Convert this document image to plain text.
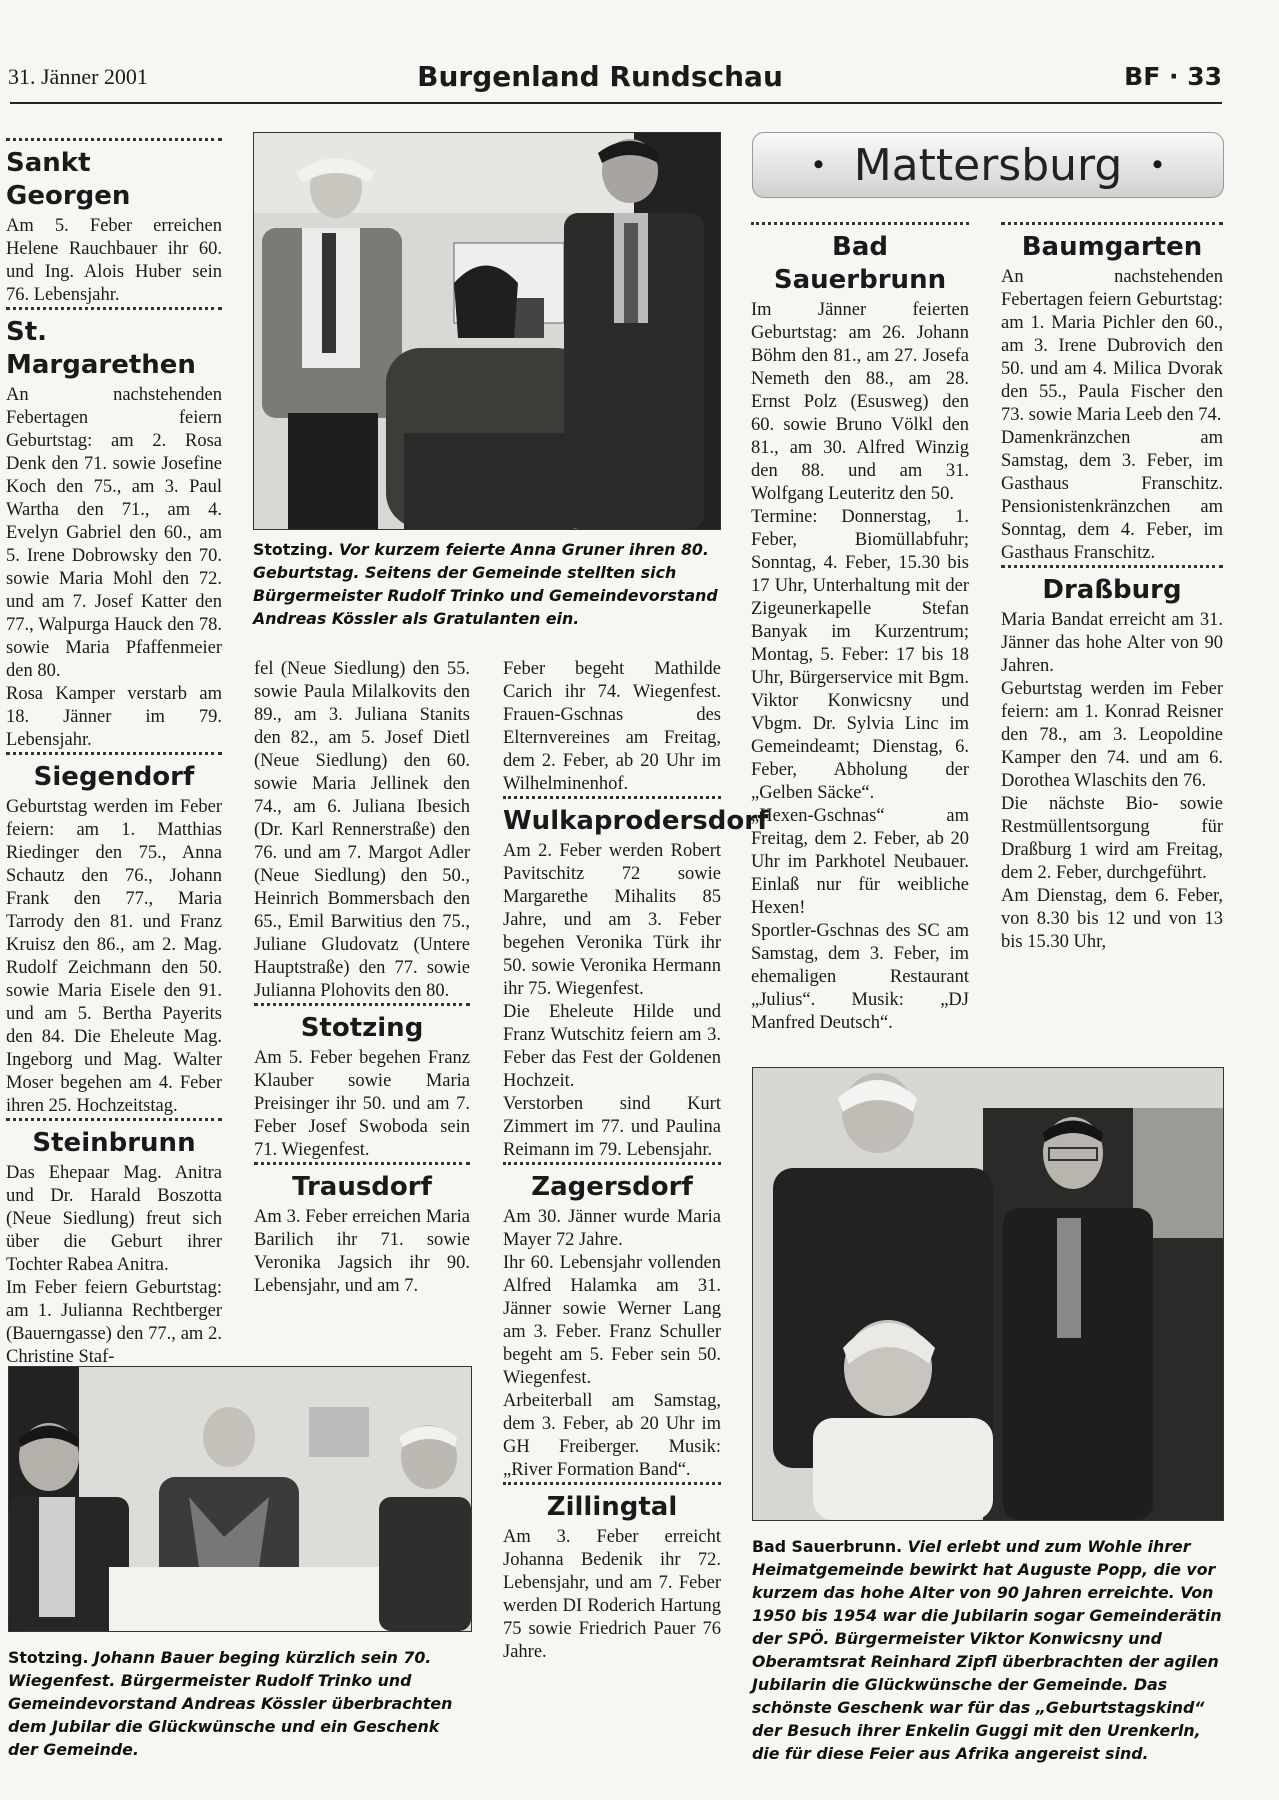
31. Jänner 2001	Burgenland Rundschau	BF · 33
Stotzing. Vor kurzem feierte Anna Gruner ihren 80. Geburtstag. Seitens der Gemeinde stellten sich Bürgermeister Rudolf Trinko und Gemeindevorstand Andreas Kössler als Gratulanten ein.
• Mattersburg	•
Sankt Georgen

Am 5. Feber erreichen Helene Rauchbauer ihr 60. und Ing. Alois Huber sein 76. Lebensjahr.

St. Margarethen

An nachstehenden Febertagen feiern Geburtstag: am 2. Rosa Denk den 71. sowie Josefine Koch den 75., am 3. Paul Wartha den 71., am 4. Evelyn Gabriel den 60., am 5. Irene Dobrowsky den 70. sowie Maria Mohl den 72. und am 7. Josef Katter den 77., Walpurga Hauck den 78. sowie Maria Pfaffenmeier den 80.

Rosa Kamper verstarb am 18. Jänner im 79. Lebensjahr.

Siegendorf

Geburtstag werden im Feber feiern: am 1. Matthias Riedinger den 75., Anna Schautz den 76., Johann Frank den 77., Maria Tarrody den 81. und Franz Kruisz den 86., am 2. Mag. Rudolf Zeichmann den 50. sowie Maria Eisele den 91. und am 5. Bertha Payerits den 84. Die Eheleute Mag. Ingeborg und Mag. Walter Moser begehen am 4. Feber ihren 25. Hochzeitstag.

Steinbrunn

Das Ehepaar Mag. Anitra und Dr. Harald Boszotta (Neue Siedlung) freut sich über die Geburt ihrer Tochter Rabea Anitra.

Im Feber feiern Geburtstag: am 1. Julianna Rechtberger (Bauerngasse) den 77., am 2. Christine Staf-

fel (Neue Siedlung) den 55. sowie Paula Milalkovits den 89., am 3. Juliana Stanits den 82., am 5. Josef Dietl (Neue Siedlung) den 60. sowie Maria Jellinek den 74., am 6. Juliana Ibesich (Dr. Karl Rennerstraße) den 76. und am 7. Margot Adler (Neue Siedlung) den 50., Heinrich Bommersbach den 65., Emil Barwitius den 75., Juliane Gludovatz (Untere Hauptstraße) den 77. sowie Julianna Plohovits den 80.

Stotzing

Am 5. Feber begehen Franz Klauber sowie Maria Preisinger ihr 50. und am 7. Feber Josef Swoboda sein 71. Wiegenfest.

Trausdorf

Am 3. Feber erreichen Maria Barilich ihr 71. sowie Veronika Jagsich ihr 90. Lebensjahr, und am 7.

Stotzing. Johann Bauer beging kürzlich sein 70. Wiegenfest. Bürgermeister Rudolf Trinko und Gemeindevorstand Andreas Kössler überbrachten dem Jubilar die Glückwünsche und ein Geschenk der Gemeinde.

Feber begeht Mathilde Carich ihr 74. Wiegenfest. Frauen-Gschnas des Elternvereines am Freitag, dem 2. Feber, ab 20 Uhr im Wilhelminenhof.

Wulkaprodersdorf

Am 2. Feber werden Robert Pavitschitz 72 sowie Margarethe Mihalits 85 Jahre, und am 3. Feber begehen Veronika Türk ihr 50. sowie Veronika Hermann ihr 75. Wiegenfest.

Die Eheleute Hilde und Franz Wutschitz feiern am 3. Feber das Fest der Goldenen Hochzeit.

Verstorben sind Kurt Zimmert im 77. und Paulina Reimann im 79. Lebensjahr.

Zagersdorf

Am 30. Jänner wurde Maria Mayer 72 Jahre.

Ihr 60. Lebensjahr vollenden Alfred Halamka am 31. Jänner sowie Werner Lang am 3. Feber. Franz Schuller begeht am 5. Feber sein 50. Wiegenfest.

Arbeiterball am Samstag, dem 3. Feber, ab 20 Uhr im GH Freiberger. Musik: „River Formation Band“.

Zillingtal

Am 3. Feber erreicht Johanna Bedenik ihr 72. Lebensjahr, und am 7. Feber werden DI Roderich Hartung 75 sowie Friedrich Pauer 76 Jahre.

Bad Sauerbrunn

Im Jänner feierten Geburtstag: am 26. Johann Böhm den 81., am 27. Josefa Nemeth den 88., am 28. Ernst Polz (Esusweg) den 60. sowie Bruno Völkl den 81., am 30. Alfred Winzig den 88. und am 31. Wolfgang Leuteritz den 50.

Termine: Donnerstag, 1. Feber, Biomüllabfuhr; Sonntag, 4. Feber, 15.30 bis 17 Uhr, Unterhaltung mit der Zigeunerkapelle Stefan Banyak im Kurzentrum; Montag, 5. Feber: 17 bis 18 Uhr, Bürgerservice mit Bgm. Viktor Konwicsny und Vbgm. Dr. Sylvia Linc im Gemeindeamt; Dienstag, 6. Feber, Abholung der „Gelben Säcke“.

„Hexen-Gschnas“ am Freitag, dem 2. Feber, ab 20 Uhr im Parkhotel Neubauer. Einlaß nur für weibliche Hexen!

Sportler-Gschnas des SC am Samstag, dem 3. Feber, im ehemaligen Restaurant „Julius“. Musik: „DJ Manfred Deutsch“.

Baumgarten

An nachstehenden Febertagen feiern Geburtstag: am 1. Maria Pichler den 60., am 3. Irene Dubrovich den 50. und am 4. Milica Dvorak den 55., Paula Fischer den 73. sowie Maria Leeb den 74.

Damenkränzchen am Samstag, dem 3. Feber, im Gasthaus Franschitz. Pensionistenkränzchen am Sonntag, dem 4. Feber, im Gasthaus Franschitz.

Draßburg

Maria Bandat erreicht am 31. Jänner das hohe Alter von 90 Jahren.

Geburtstag werden im Feber feiern: am 1. Konrad Reisner den 78., am 3. Leopoldine Kamper den 74. und am 6. Dorothea Wlaschits den 76.

Die nächste Bio- sowie Restmüllentsorgung für Draßburg 1 wird am Freitag, dem 2. Feber, durchgeführt.

Am Dienstag, dem 6. Feber, von 8.30 bis 12 und von 13 bis 15.30 Uhr,

Bad Sauerbrunn. Viel erlebt und zum Wohle ihrer Heimatgemeinde bewirkt hat Auguste Popp, die vor kurzem das hohe Alter von 90 Jahren erreichte. Von 1950 bis 1954 war die Jubilarin sogar Gemeinderätin der SPÖ. Bürgermeister Viktor Konwicsny und Oberamtsrat Reinhard Zipfl überbrachten der agilen Jubilarin die Glückwünsche der Gemeinde. Das schönste Geschenk war für das „Geburtstagskind“ der Besuch ihrer Enkelin Guggi mit den Urenkerln, die für diese Feier aus Afrika angereist sind.
